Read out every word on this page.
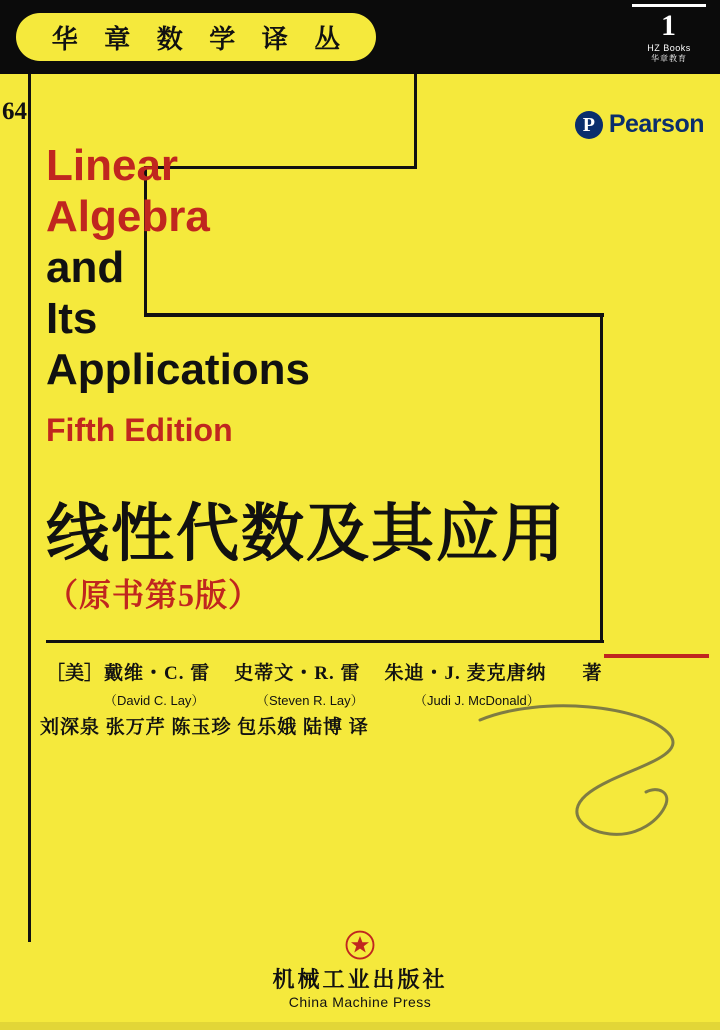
华 章 数 学 译 丛	1
HZ Books
华章教育
64	P Pearson
Linear
Algebra
and
Its
Applications
Fifth Edition
线性代数及其应用
（原书第5版）
［美］ 戴维・C. 雷 史蒂文・R. 雷 朱迪・J. 麦克唐纳 著
（David C. Lay）	（Steven R. Lay）	（Judi J. McDonald）
刘深泉 张万芹 陈玉珍 包乐娥 陆博 译
机械工业出版社
China Machine Press
